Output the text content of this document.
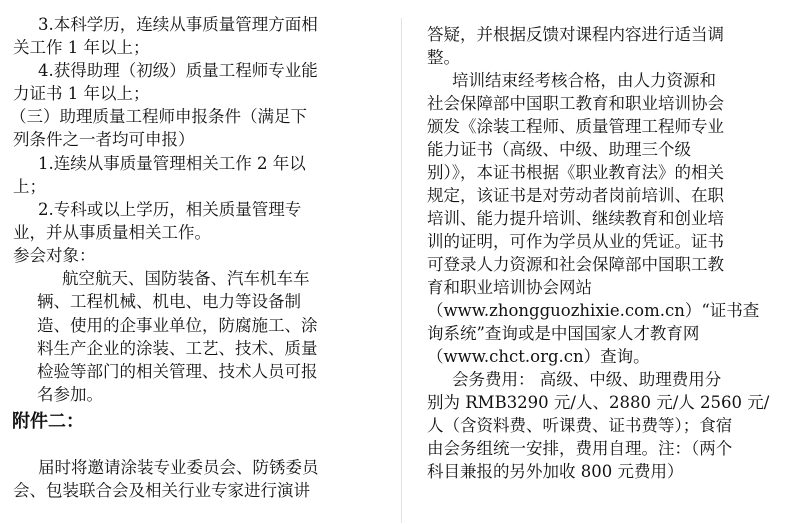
3.本科学历，连续从事质量管理方面相
关工作 1 年以上；
4.获得助理（初级）质量工程师专业能
力证书 1 年以上；
（三）助理质量工程师申报条件（满足下
列条件之一者均可申报）
1.连续从事质量管理相关工作 2 年以
上；
2.专科或以上学历，相关质量管理专
业，并从事质量相关工作。
参会对象：
航空航天、国防装备、汽车机车车
辆、工程机械、机电、电力等设备制
造、使用的企事业单位，防腐施工、涂
料生产企业的涂装、工艺、技术、质量
检验等部门的相关管理、技术人员可报
名参加。
附件二：
届时将邀请涂装专业委员会、防锈委员
会、包装联合会及相关行业专家进行演讲
答疑，并根据反馈对课程内容进行适当调
整。
培训结束经考核合格，由人力资源和
社会保障部中国职工教育和职业培训协会
颁发《涂装工程师、质量管理工程师专业
能力证书（高级、中级、助理三个级
别）》，本证书根据《职业教育法》的相关
规定，该证书是对劳动者岗前培训、在职
培训、能力提升培训、继续教育和创业培
训的证明，可作为学员从业的凭证。证书
可登录人力资源和社会保障部中国职工教
育和职业培训协会网站
（www.zhongguozhixie.com.cn）“证书查
询系统”查询或是中国国家人才教育网
（www.chct.org.cn）查询。
会务费用： 高级、中级、助理费用分
别为 RMB3290 元/人、2880 元/人 2560 元/
人（含资料费、听课费、证书费等）；食宿
由会务组统一安排，费用自理。注：（两个
科目兼报的另外加收 800 元费用）
